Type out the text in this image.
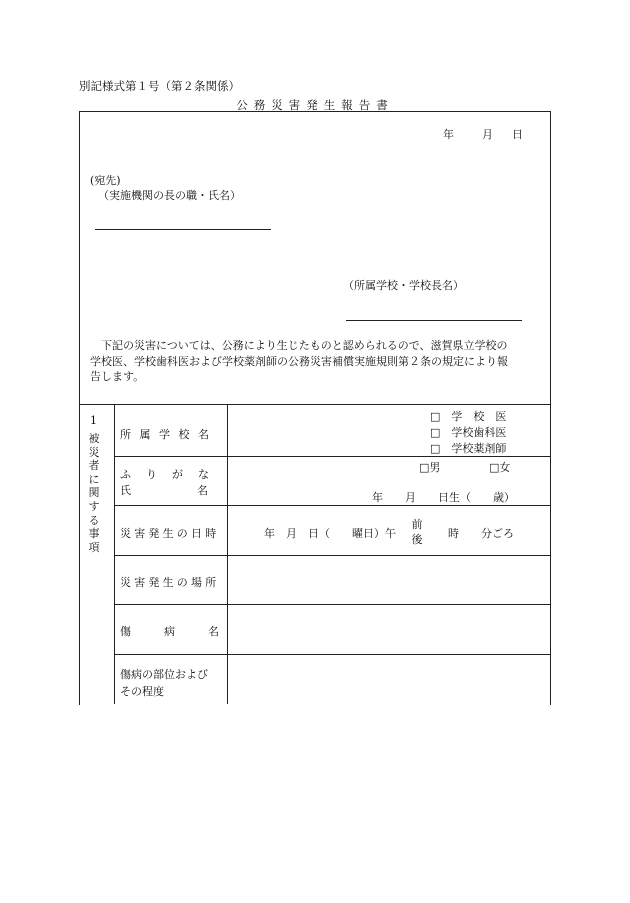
別記様式第１号（第２条関係）
公務災害発生報告書
年	月 日
(宛先)
（実施機関の長の職・氏名）
（所属学校・学校長名）
　下記の災害については、公務により生じたものと認められるので、滋賀県立学校の
学校医、学校歯科医および学校薬剤師の公務災害補償実施規則第２条の規定により報
告します。
1
被
災
者
に
関
す
る
事
項
所属学校名
ふ　り　が　な
氏　　　　　　名
災害発生の日時
災害発生の場所
傷　　　病　　　名
傷病の部位および
その程度
□　学　校　医
□　学校歯科医
□　学校薬剤師
□男	□女
年　　月　　日生（　　歳）
年　月　日（　　曜日）午
前
後 時　　分ごろ
